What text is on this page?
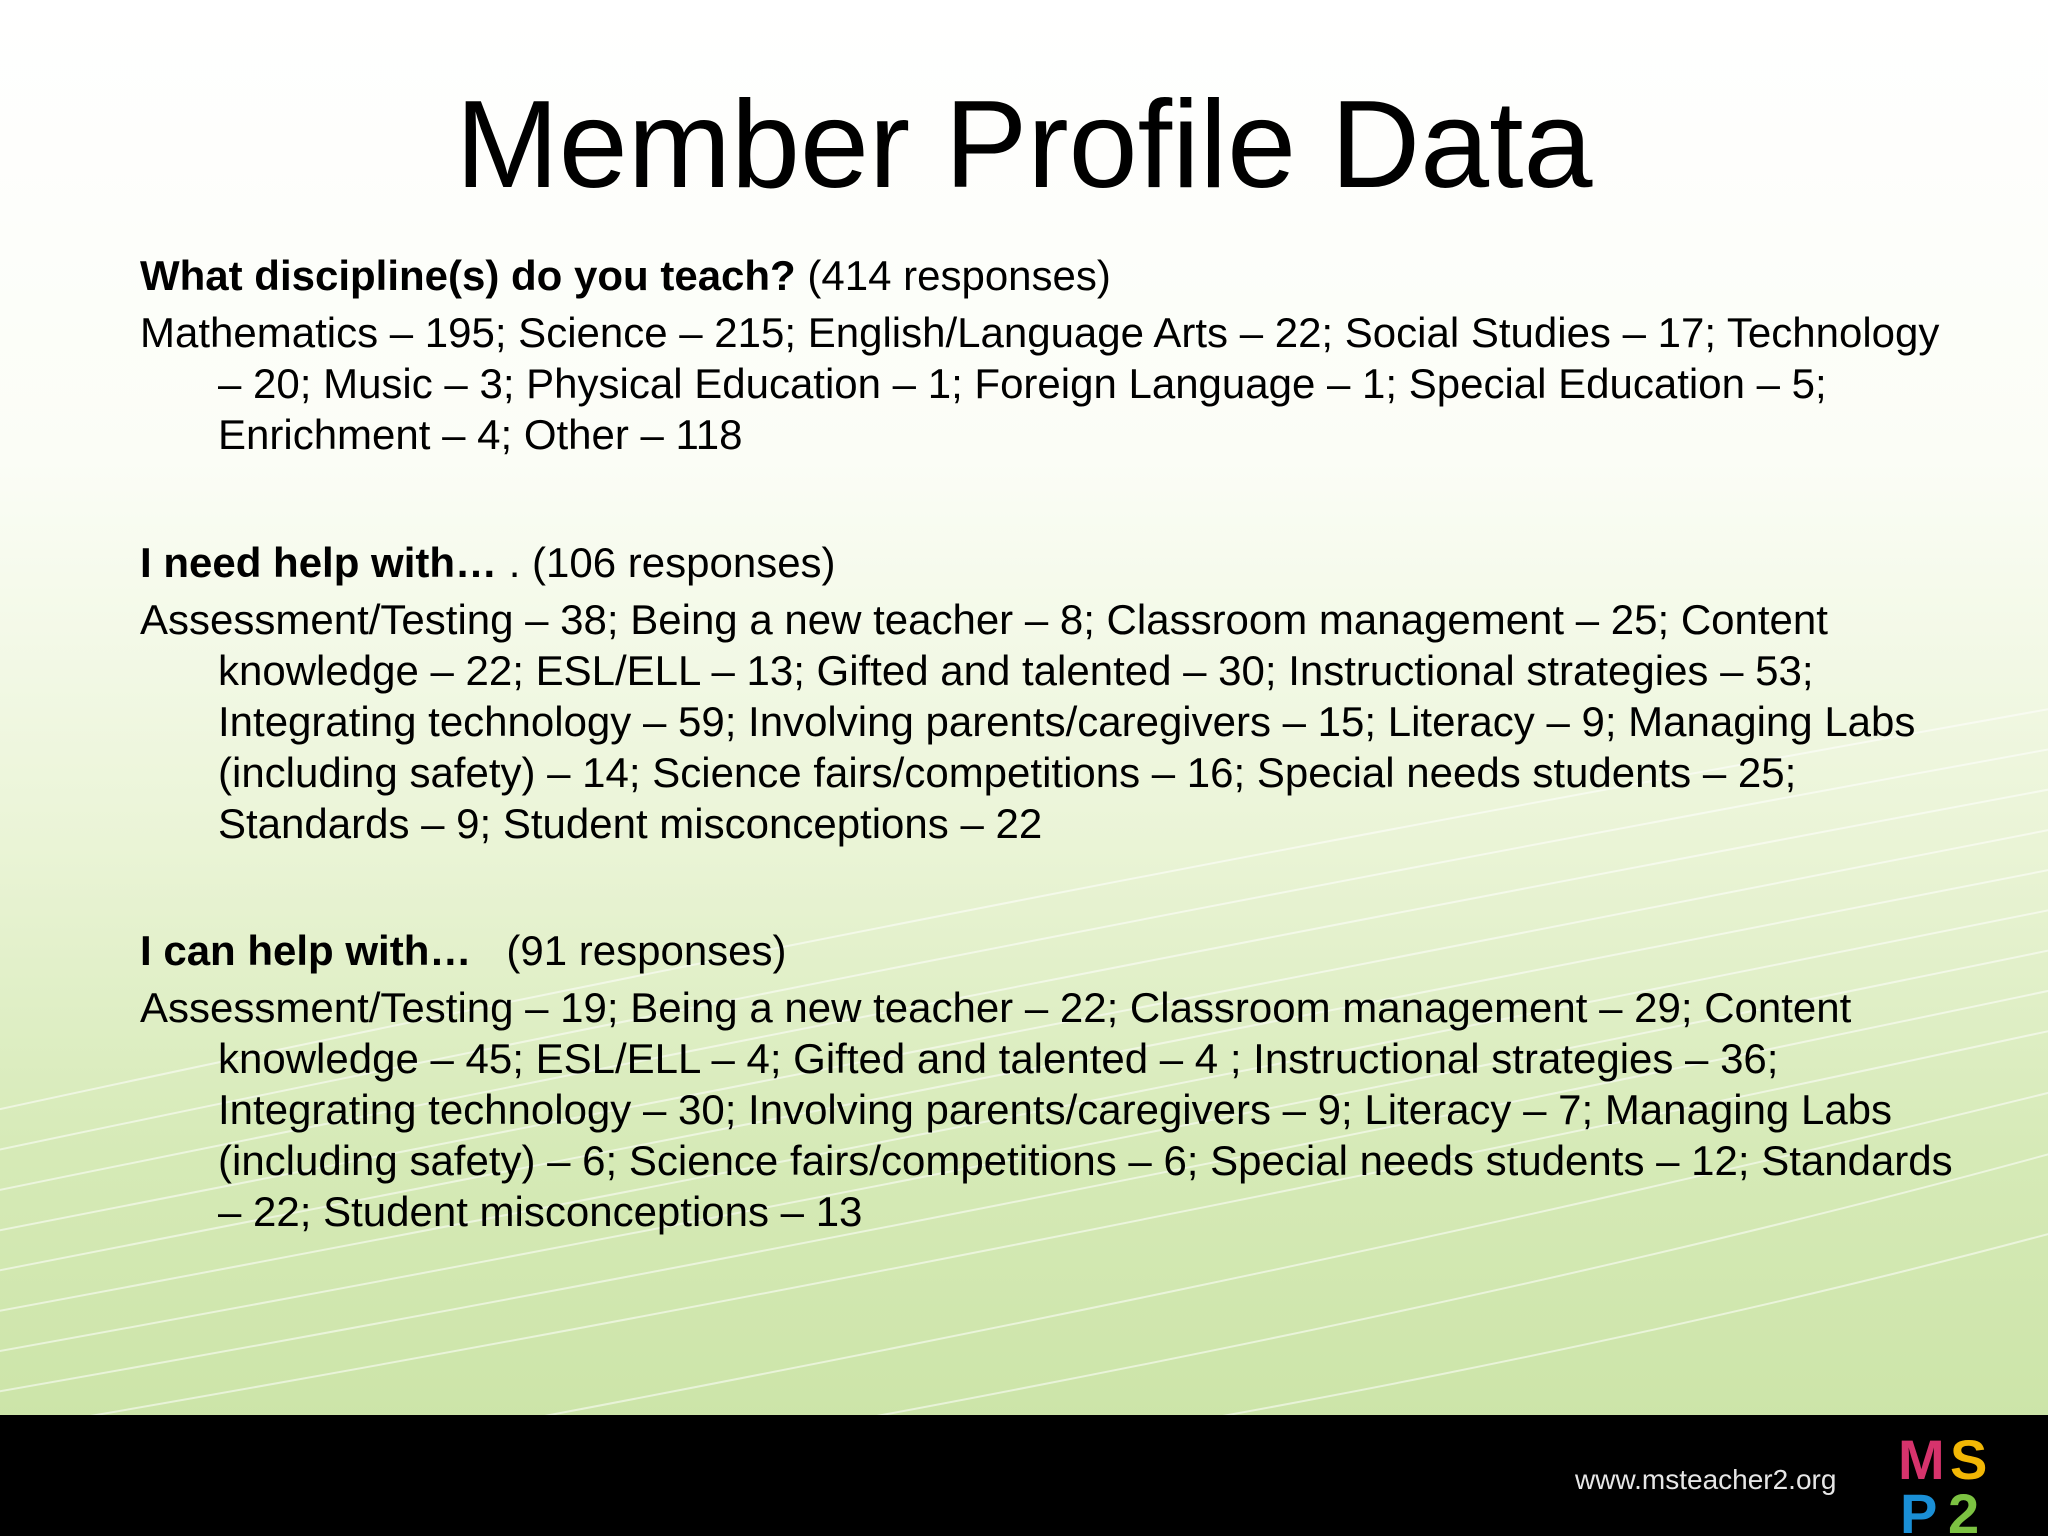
Member Profile Data

What discipline(s) do you teach? (414 responses)

Mathematics – 195; Science – 215; English/Language Arts – 22; Social Studies – 17; Technology – 20; Music – 3; Physical Education – 1; Foreign Language – 1; Special Education – 5; Enrichment – 4; Other – 118

I need help with… . (106 responses)

Assessment/Testing – 38; Being a new teacher – 8; Classroom management – 25; Content knowledge – 22; ESL/ELL – 13; Gifted and talented – 30; Instructional strategies – 53; Integrating technology – 59; Involving parents/caregivers – 15; Literacy – 9; Managing Labs (including safety) – 14; Science fairs/competitions – 16; Special needs students – 25; Standards – 9; Student misconceptions – 22

I can help with…   (91 responses)

Assessment/Testing – 19; Being a new teacher – 22; Classroom management – 29; Content knowledge – 45; ESL/ELL – 4; Gifted and talented – 4 ; Instructional strategies – 36; Integrating technology – 30; Involving parents/caregivers – 9; Literacy – 7; Managing Labs (including safety) – 6; Science fairs/competitions – 6; Special needs students – 12; Standards – 22; Student misconceptions – 13

www.msteacher2.org M S
P 2
